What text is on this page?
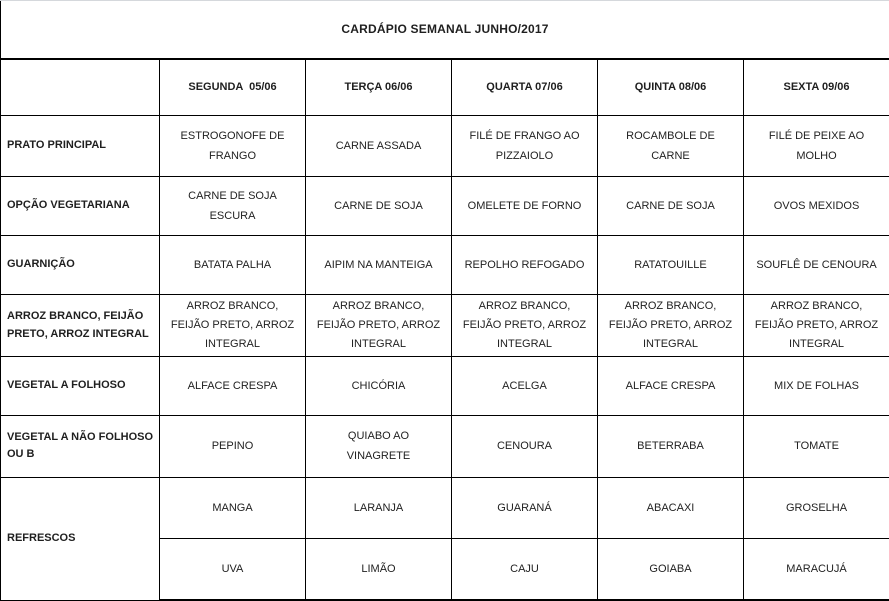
CARDÁPIO SEMANAL JUNHO/2017					
	SEGUNDA  05/06	TERÇA 06/06	QUARTA 07/06	QUINTA 08/06	SEXTA 09/06
PRATO PRINCIPAL	ESTROGONOFE DE FRANGO	CARNE ASSADA	FILÉ DE FRANGO AO PIZZAIOLO	ROCAMBOLE DE CARNE	FILÉ DE PEIXE AO MOLHO
OPÇÃO VEGETARIANA	CARNE DE SOJA ESCURA	CARNE DE SOJA	OMELETE DE FORNO	CARNE DE SOJA	OVOS MEXIDOS
GUARNIÇÃO	BATATA PALHA	AIPIM NA MANTEIGA	REPOLHO REFOGADO	RATATOUILLE	SOUFLÊ DE CENOURA
ARROZ BRANCO, FEIJÃO PRETO, ARROZ INTEGRAL	ARROZ BRANCO, FEIJÃO PRETO, ARROZ INTEGRAL	ARROZ BRANCO, FEIJÃO PRETO, ARROZ INTEGRAL	ARROZ BRANCO, FEIJÃO PRETO, ARROZ INTEGRAL	ARROZ BRANCO, FEIJÃO PRETO, ARROZ INTEGRAL	ARROZ BRANCO, FEIJÃO PRETO, ARROZ INTEGRAL
VEGETAL A FOLHOSO	ALFACE CRESPA	CHICÓRIA	ACELGA	ALFACE CRESPA	MIX DE FOLHAS
VEGETAL A NÃO FOLHOSO OU B	PEPINO	QUIABO AO VINAGRETE	CENOURA	BETERRABA	TOMATE
REFRESCOS	MANGA	LARANJA	GUARANÁ	ABACAXI	GROSELHA
	UVA	LIMÃO	CAJU	GOIABA	MARACUJÁ
